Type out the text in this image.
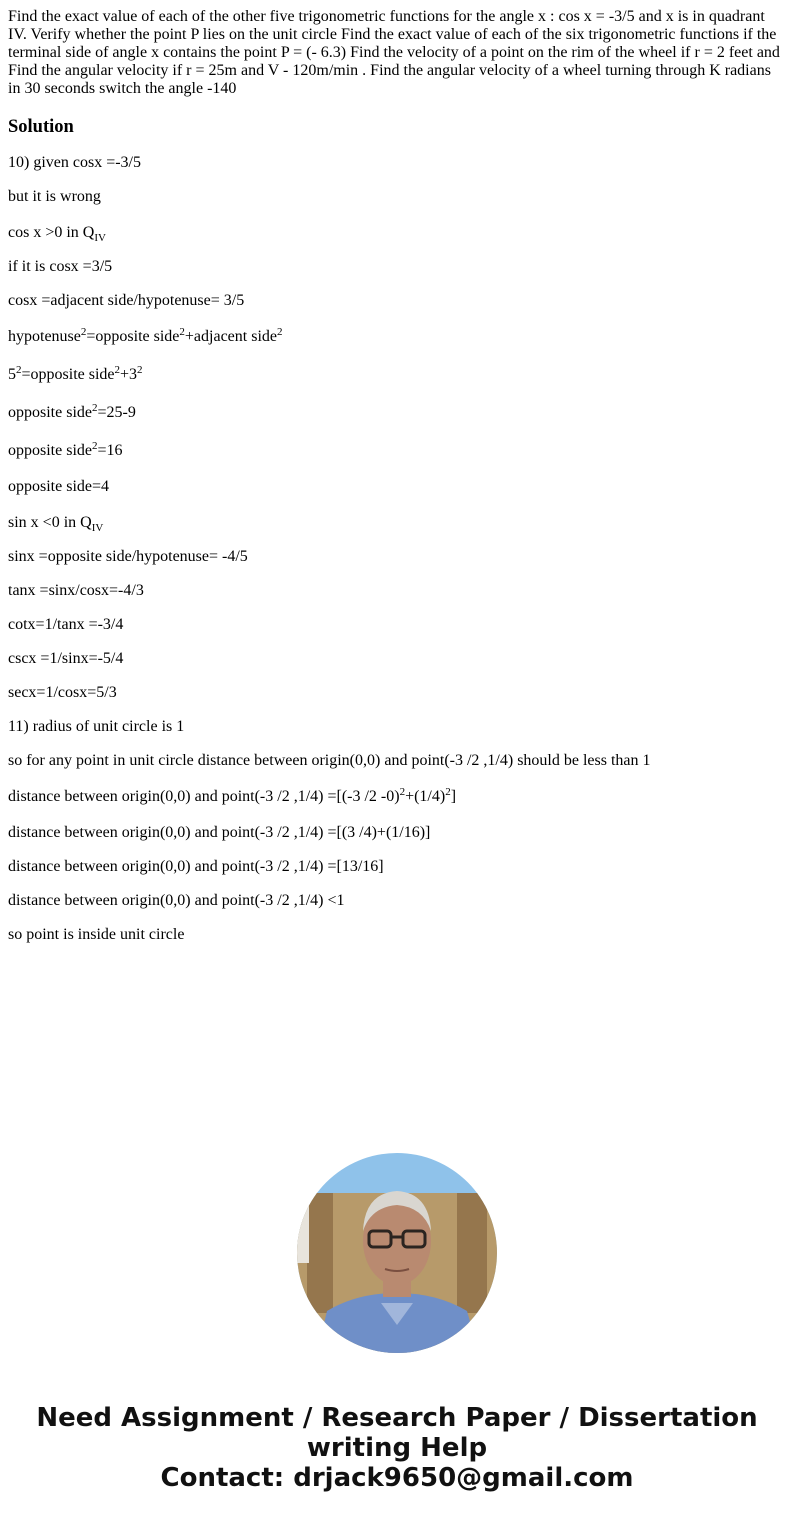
Find the exact value of each of the other five trigonometric functions for the angle x : cos x = -3/5 and x is in quadrant IV. Verify whether the point P lies on the unit circle Find the exact value of each of the six trigonometric functions if the terminal side of angle x contains the point P = (- 6.3) Find the velocity of a point on the rim of the wheel if r = 2 feet and Find the angular velocity if r = 25m and V - 120m/min . Find the angular velocity of a wheel turning through K radians in 30 seconds switch the angle -140

Solution

10) given cosx =-3/5

but it is wrong

cos x >0 in $Q_{IV}$

if it is cosx =3/5

cosx =adjacent side/hypotenuse= 3/5

hypotenuse$^2$=opposite side$^2$+adjacent side$^2$

$5^2=opposite$ $side^2+3^2$

opposite side$^2$=25-9

opposite side$^2$=16

opposite side=4

sin x <0 in $Q_{IV}$

sinx =opposite side/hypotenuse= -4/5

tanx =sinx/cosx=-4/3

cotx=1/tanx =-3/4

cscx =1/sinx=-5/4

secx=1/cosx=5/3

11) radius of unit circle is 1

so for any point in unit circle distance between origin(0,0) and point(-3 /2 ,1/4) should be less than 1

distance between origin(0,0) and point(-3 /2 ,1/4) =[(-3 /2 $-0)^2+(1/4)^2$]

distance between origin(0,0) and point(-3 /2 ,1/4) =[(3 /4)+(1/16)]

distance between origin(0,0) and point(-3 /2 ,1/4) =[13/16]

distance between origin(0,0) and point(-3 /2 ,1/4) <1

so point is inside unit circle

Need Assignment / Research Paper / Dissertation
writing Help
Contact: drjack9650@gmail.com
